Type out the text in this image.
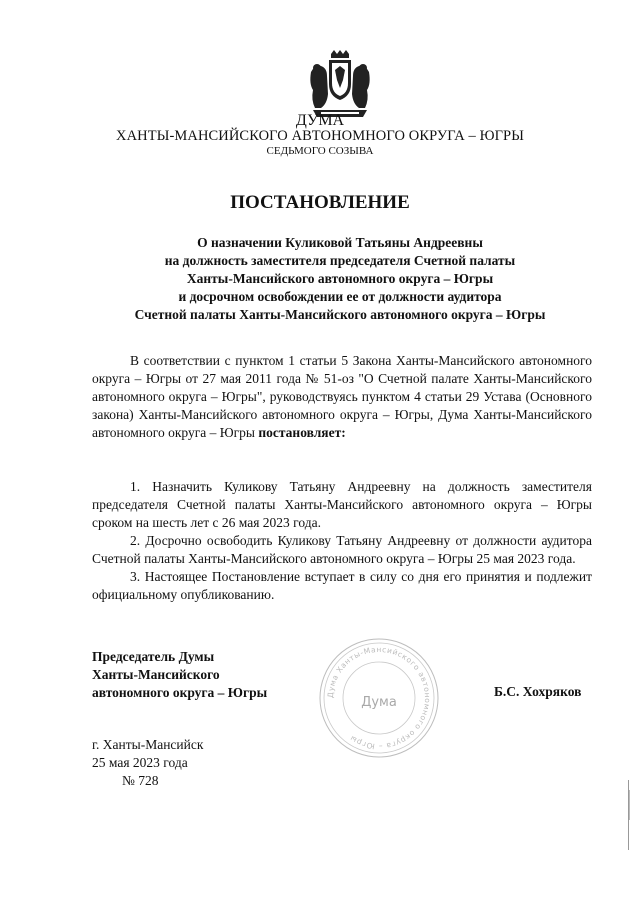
ДУМА
ХАНТЫ-МАНСИЙСКОГО АВТОНОМНОГО ОКРУГА – ЮГРЫ
СЕДЬМОГО СОЗЫВА
ПОСТАНОВЛЕНИЕ
О назначении Куликовой Татьяны Андреевны
на должность заместителя председателя Счетной палаты
Ханты-Мансийского автономного округа – Югры
и досрочном освобождении ее от должности аудитора
Счетной палаты Ханты-Мансийского автономного округа – Югры
В соответствии с пунктом 1 статьи 5 Закона Ханты-Мансийского автономного округа – Югры от 27 мая 2011 года № 51-оз "О Счетной палате Ханты-Мансийского автономного округа – Югры", руководствуясь пунктом 4 статьи 29 Устава (Основного закона) Ханты-Мансийского автономного округа – Югры, Дума Ханты-Мансийского автономного округа – Югры постановляет:

1. Назначить Куликову Татьяну Андреевну на должность заместителя председателя Счетной палаты Ханты-Мансийского автономного округа – Югры сроком на шесть лет с 26 мая 2023 года.

2. Досрочно освободить Куликову Татьяну Андреевну от должности аудитора Счетной палаты Ханты-Мансийского автономного округа – Югры 25 мая 2023 года.

3. Настоящее Постановление вступает в силу со дня его принятия и подлежит официальному опубликованию.

Председатель Думы
Ханты-Мансийского
автономного округа – Югры	Дума Ханты-Мансийского автономного округа – Югры
Дума
Б.С. Хохряков
г. Ханты-Мансийск
25 мая 2023 года
№ 728
